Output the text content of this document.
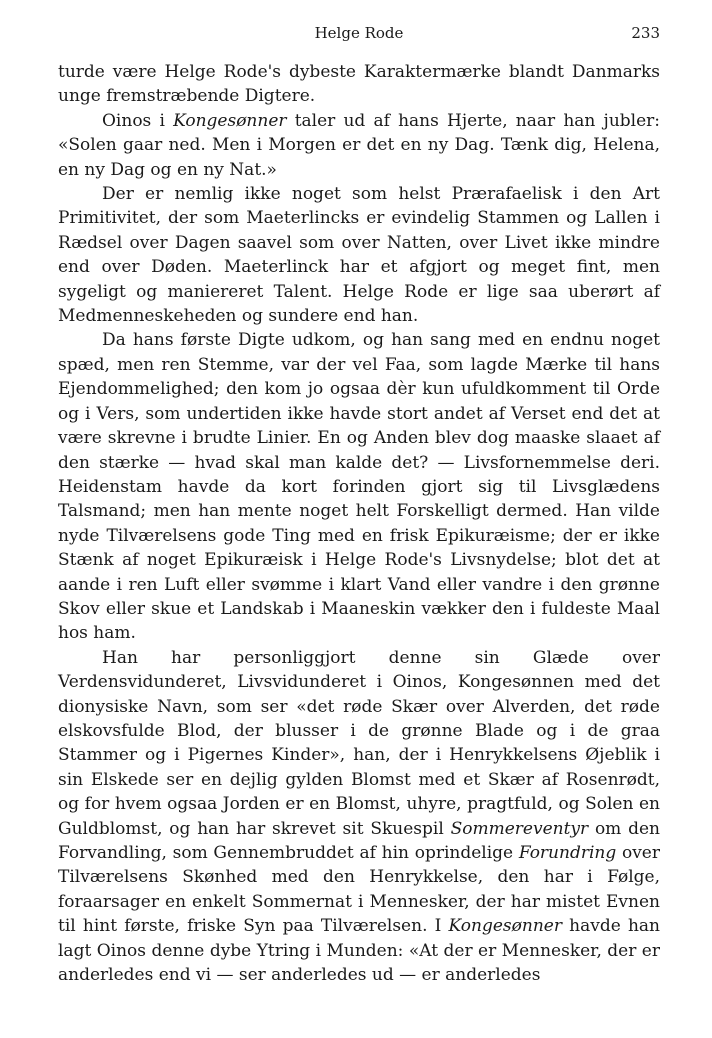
Helge Rode	233

turde være Helge Rode's dybeste Karaktermærke blandt Danmarks unge fremstræbende Digtere.

Oinos i Kongesønner taler ud af hans Hjerte, naar han jubler: «Solen gaar ned. Men i Morgen er det en ny Dag. Tænk dig, Helena, en ny Dag og en ny Nat.»

Der er nemlig ikke noget som helst Prærafaelisk i den Art Primitivitet, der som Maeterlincks er evindelig Stammen og Lallen i Rædsel over Dagen saavel som over Natten, over Livet ikke mindre end over Døden. Maeterlinck har et afgjort og meget fint, men sygeligt og maniereret Talent. Helge Rode er lige saa uberørt af Medmenneskeheden og sundere end han.

Da hans første Digte udkom, og han sang med en endnu noget spæd, men ren Stemme, var der vel Faa, som lagde Mærke til hans Ejendommelighed; den kom jo ogsaa dèr kun ufuldkomment til Orde og i Vers, som undertiden ikke havde stort andet af Verset end det at være skrevne i brudte Linier. En og Anden blev dog maaske slaaet af den stærke — hvad skal man kalde det? — Livsfornemmelse deri. Heidenstam havde da kort forinden gjort sig til Livsglædens Talsmand; men han mente noget helt Forskelligt dermed. Han vilde nyde Tilværelsens gode Ting med en frisk Epikuræisme; der er ikke Stænk af noget Epikuræisk i Helge Rode's Livsnydelse; blot det at aande i ren Luft eller svømme i klart Vand eller vandre i den grønne Skov eller skue et Landskab i Maaneskin vækker den i fuldeste Maal hos ham.

Han har personliggjort denne sin Glæde over Verdensvidunderet, Livsvidunderet i Oinos, Kongesønnen med det dionysiske Navn, som ser «det røde Skær over Alverden, det røde elskovsfulde Blod, der blusser i de grønne Blade og i de graa Stammer og i Pigernes Kinder», han, der i Henrykkelsens Øjeblik i sin Elskede ser en dejlig gylden Blomst med et Skær af Rosenrødt, og for hvem ogsaa Jorden er en Blomst, uhyre, pragtfuld, og Solen en Guldblomst, og han har skrevet sit Skuespil Sommereventyr om den Forvandling, som Gennembruddet af hin oprindelige Forundring over Tilværelsens Skønhed med den Henrykkelse, den har i Følge, foraarsager en enkelt Sommernat i Mennesker, der har mistet Evnen til hint første, friske Syn paa Tilværelsen. I Kongesønner havde han lagt Oinos denne dybe Ytring i Munden: «At der er Mennesker, der er anderledes end vi — ser anderledes ud — er anderledes
